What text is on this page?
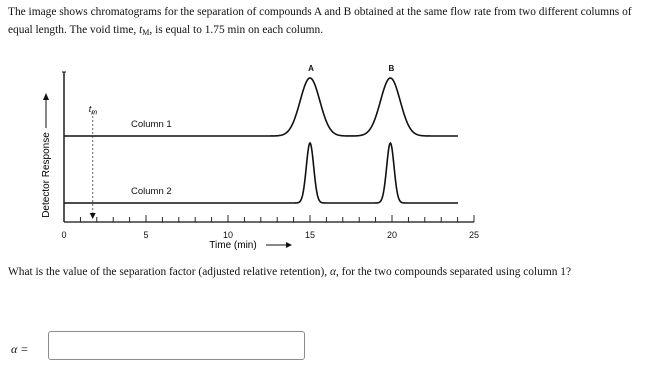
The image shows chromatograms for the separation of compounds A and B obtained at the same flow rate from two different columns of equal length. The void time, $t_M$, is equal to 1.75 min on each column.
0	5	10	15	20	25
$t_m$
Column 1
Column 2
A	B
Time (min)
Detector Response
What is the value of the separation factor (adjusted relative retention), α, for the two compounds separated using column 1?
α =
